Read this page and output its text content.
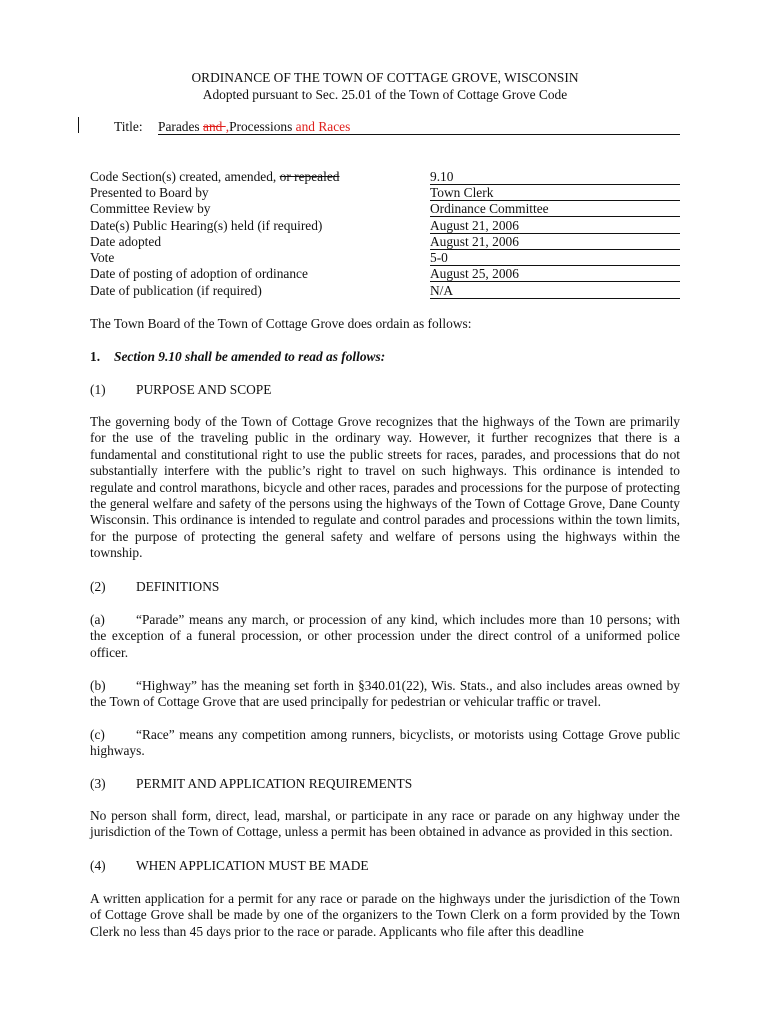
ORDINANCE OF THE TOWN OF COTTAGE GROVE, WISCONSIN
Adopted pursuant to Sec. 25.01 of the Town of Cottage Grove Code
Title: Parades and ,Processions and Races
Code Section(s) created, amended, or repealed	9.10
Presented to Board by	Town Clerk
Committee Review by	Ordinance Committee
Date(s) Public Hearing(s) held (if required)	August 21, 2006
Date adopted	August 21, 2006
Vote	5-0
Date of posting of adoption of ordinance	August 25, 2006
Date of publication (if required)	N/A
The Town Board of the Town of Cottage Grove does ordain as follows:
1. Section 9.10 shall be amended to read as follows:
(1) PURPOSE AND SCOPE
The governing body of the Town of Cottage Grove recognizes that the highways of the Town are primarily for the use of the traveling public in the ordinary way. However, it further recognizes that there is a fundamental and constitutional right to use the public streets for races, parades, and processions that do not substantially interfere with the public’s right to travel on such highways. This ordinance is intended to regulate and control marathons, bicycle and other races, parades and processions for the purpose of protecting the general welfare and safety of the persons using the highways of the Town of Cottage Grove, Dane County Wisconsin. This ordinance is intended to regulate and control parades and processions within the town limits, for the purpose of protecting the general safety and welfare of persons using the highways within the township.
(2) DEFINITIONS
(a) “Parade” means any march, or procession of any kind, which includes more than 10 persons; with the exception of a funeral procession, or other procession under the direct control of a uniformed police officer.
(b) “Highway” has the meaning set forth in §340.01(22), Wis. Stats., and also includes areas owned by the Town of Cottage Grove that are used principally for pedestrian or vehicular traffic or travel.
(c) “Race” means any competition among runners, bicyclists, or motorists using Cottage Grove public highways.
(3) PERMIT AND APPLICATION REQUIREMENTS
No person shall form, direct, lead, marshal, or participate in any race or parade on any highway under the jurisdiction of the Town of Cottage, unless a permit has been obtained in advance as provided in this section.
(4) WHEN APPLICATION MUST BE MADE
A written application for a permit for any race or parade on the highways under the jurisdiction of the Town of Cottage Grove shall be made by one of the organizers to the Town Clerk on a form provided by the Town Clerk no less than 45 days prior to the race or parade. Applicants who file after this deadline
